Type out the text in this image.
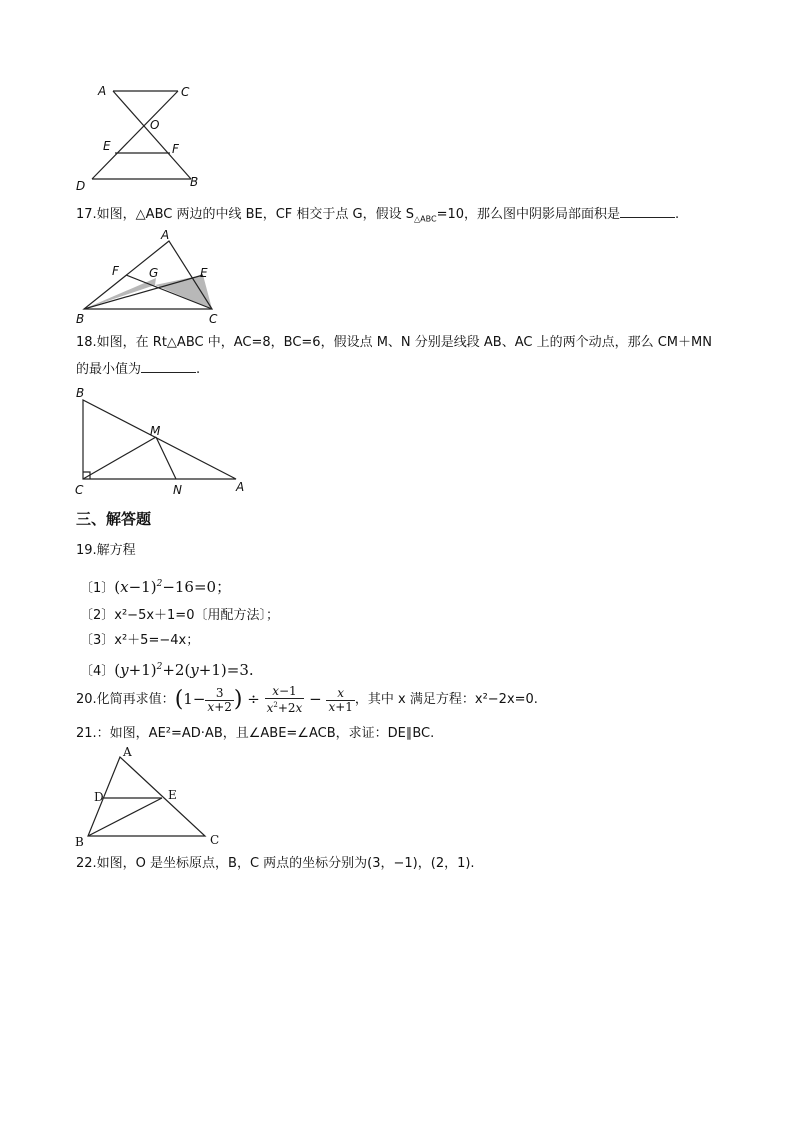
A	C
O
E	F
D	B
17.如图，△ABC 两边的中线 BE，CF 相交于点 G，假设 $S_{\triangle ABC}=10$，那么图中阴影局部面积是	.
A
F	G	E
B	C
18.如图，在 Rt△ABC 中，AC=8，BC=6，假设点 M、N 分别是线段 AB、AC 上的两个动点，那么 CM＋MN
的最小值为	.
B
M
C	N	A
三、解答题
19.解方程
〔1〕$(x-1)^2-16=0$；
〔2〕x²−5x＋1=0〔用配方法〕；
〔3〕x²＋5=−4x；
〔4〕$(y+1)^2+2(y+1)=3$.
20.化简再求值：($1- \frac{3}{x+2}$ ) ÷ $\frac{x-1}{x^2+2x} - \frac{x}{x+1}$ ，其中 x 满足方程：x²−2x=0.
21.：如图，AE²=AD·AB，且∠ABE=∠ACB，求证：DE∥BC.
A
D	E
B	C
22.如图，O 是坐标原点，B，C 两点的坐标分别为(3，−1)，(2，1).
